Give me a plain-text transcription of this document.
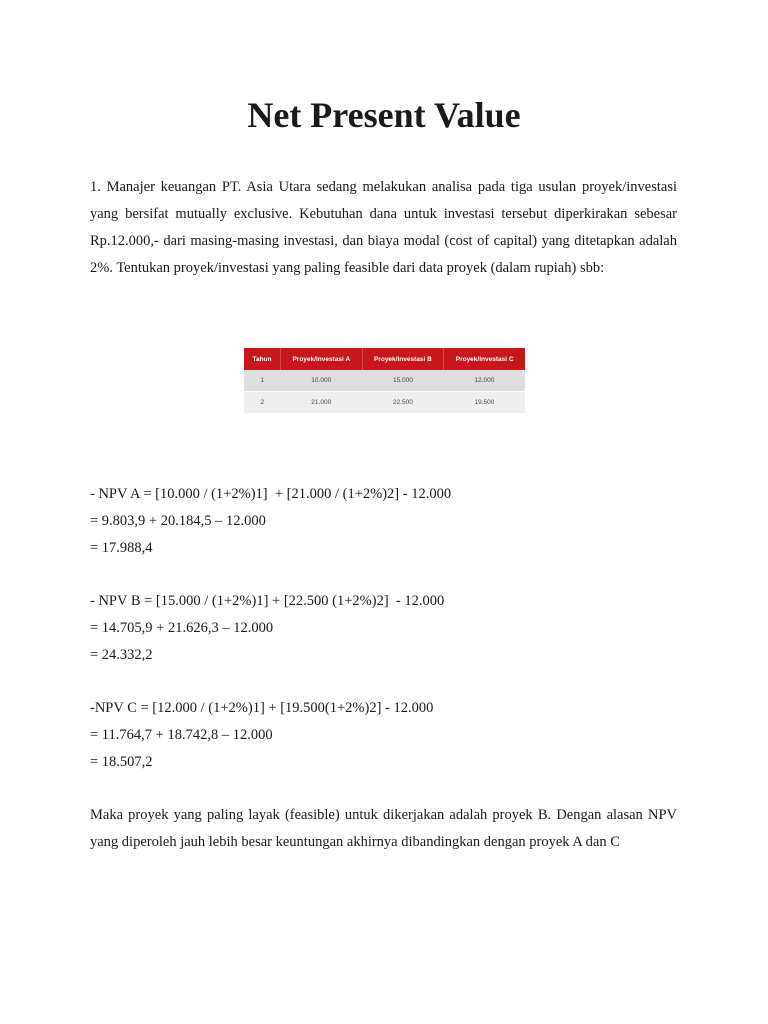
Net Present Value

1. Manajer keuangan PT. Asia Utara sedang melakukan analisa pada tiga usulan proyek/investasi yang bersifat mutually exclusive. Kebutuhan dana untuk investasi tersebut diperkirakan sebesar Rp.12.000,- dari masing-masing investasi, dan biaya modal (cost of capital) yang ditetapkan adalah 2%. Tentukan proyek/investasi yang paling feasible dari data proyek (dalam rupiah) sbb:

Tahun	Proyek/Investasi A	Proyek/Investasi B	Proyek/Investasi C
1	10.000	15.000	12.000
2	21.000	22.500	19.500

- NPV A = [10.000 / (1+2%)1]  + [21.000 / (1+2%)2] - 12.000

= 9.803,9 + 20.184,5 – 12.000

= 17.988,4

- NPV B = [15.000 / (1+2%)1] + [22.500 (1+2%)2]  - 12.000

= 14.705,9 + 21.626,3 – 12.000

= 24.332,2

-NPV C = [12.000 / (1+2%)1] + [19.500(1+2%)2] - 12.000

= 11.764,7 + 18.742,8 – 12.000

= 18.507,2

Maka proyek yang paling layak (feasible) untuk dikerjakan adalah proyek B. Dengan alasan NPV yang diperoleh jauh lebih besar keuntungan akhirnya dibandingkan dengan proyek A dan C
